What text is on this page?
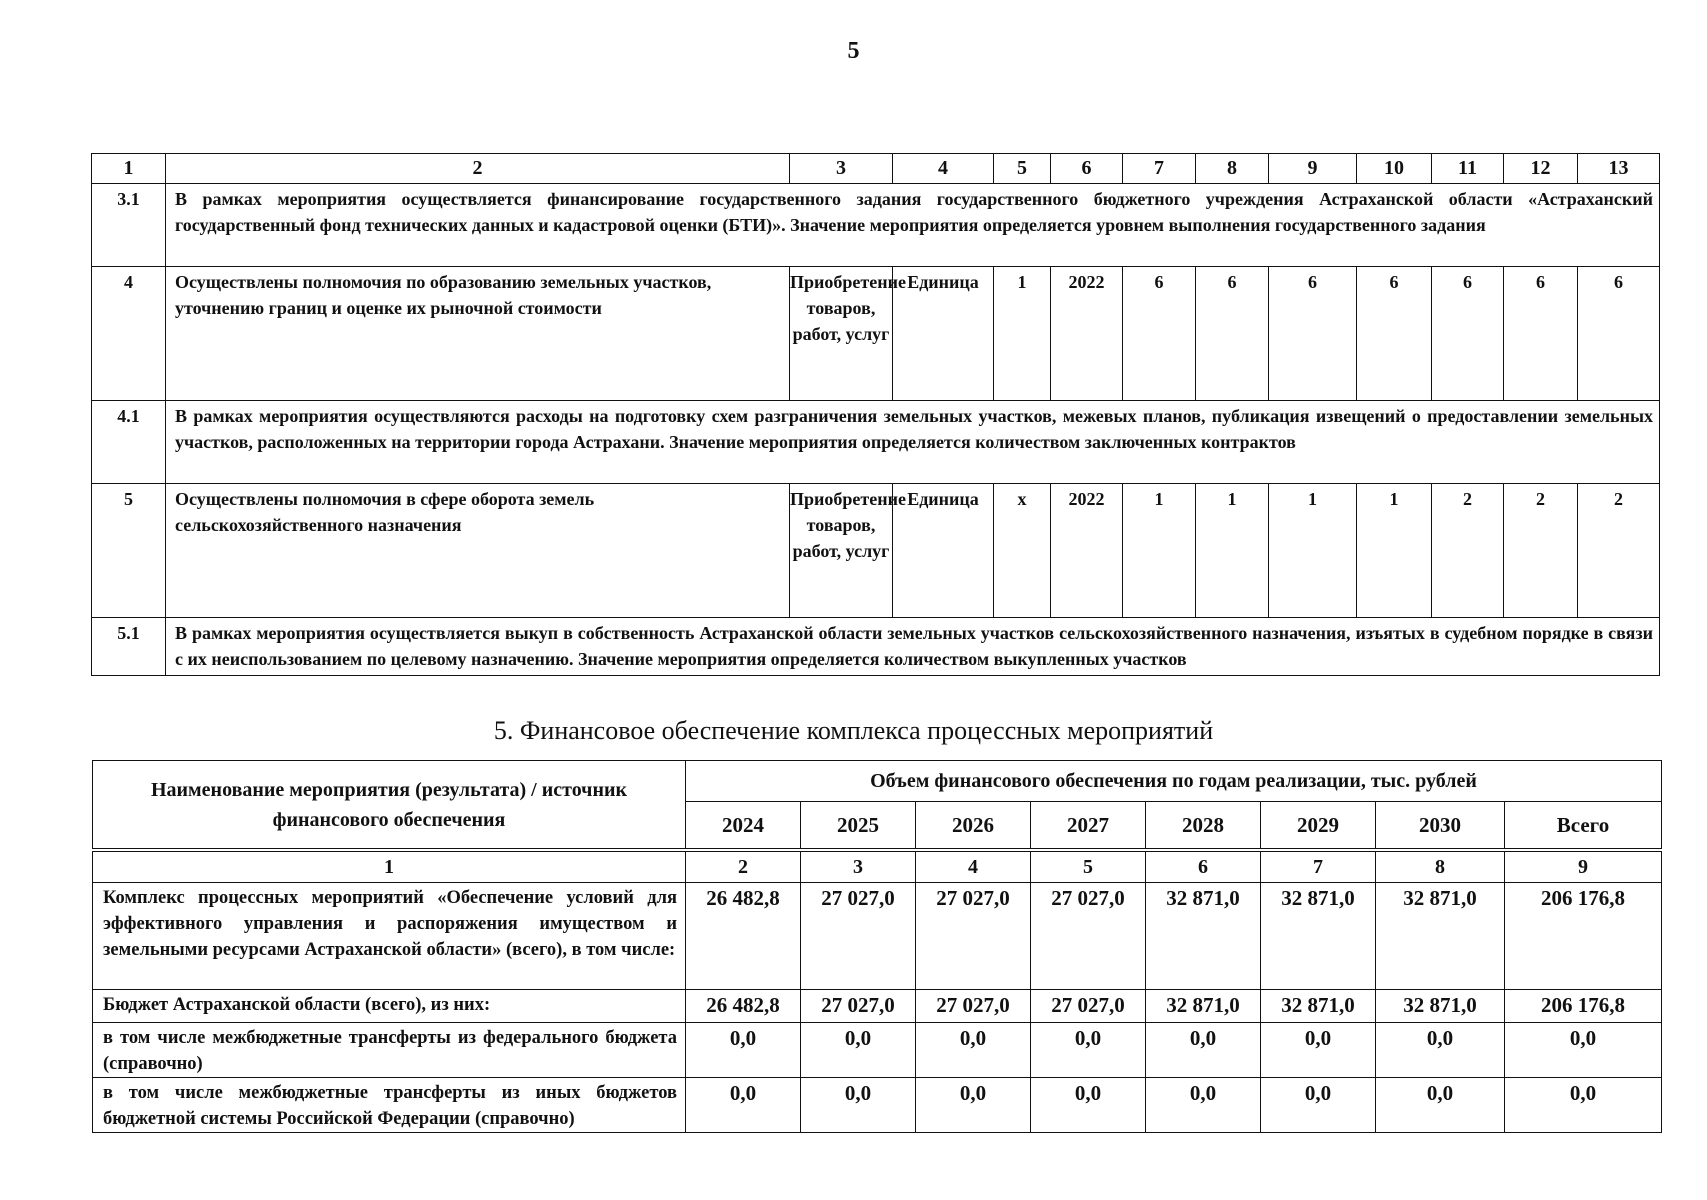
5
1	2	3	4	5	6	7	8	9	10	11	12	13
3.1	В рамках мероприятия осуществляется финансирование государственного задания государственного бюджетного учреждения Астраханской области «Астраханский государственный фонд технических данных и кадастровой оценки (БТИ)». Значение мероприятия определяется уровнем выполнения государственного задания											
4	Осуществлены полномочия по образованию земельных участков, уточнению границ и оценке их рыночной стоимости	Приобретение товаров, работ, услуг	Единица	1	2022	6	6	6	6	6	6	6
4.1	В рамках мероприятия осуществляются расходы на подготовку схем разграничения земельных участков, межевых планов, публикация извещений о предоставлении земельных участков, расположенных на территории города Астрахани. Значение мероприятия определяется количеством заключенных контрактов											
5	Осуществлены полномочия в сфере оборота земель сельскохозяйственного назначения	Приобретение товаров, работ, услуг	Единица	х	2022	1	1	1	1	2	2	2
5.1	В рамках мероприятия осуществляется выкуп в собственность Астраханской области земельных участков сельскохозяйственного назначения, изъятых в судебном порядке в связи с их неиспользованием по целевому назначению. Значение мероприятия определяется количеством выкупленных участков											
5. Финансовое обеспечение комплекса процессных мероприятий
Наименование мероприятия (результата) / источник финансового обеспечения	Объем финансового обеспечения по годам реализации, тыс. рублей							
	2024	2025	2026	2027	2028	2029	2030	Всего

1	2	3	4	5	6	7	8	9
Комплекс процессных мероприятий «Обеспечение условий для эффективного управления и распоряжения имуществом и земельными ресурсами Астраханской области» (всего), в том числе:	26 482,8	27 027,0	27 027,0	27 027,0	32 871,0	32 871,0	32 871,0	206 176,8
Бюджет Астраханской области (всего), из них:	26 482,8	27 027,0	27 027,0	27 027,0	32 871,0	32 871,0	32 871,0	206 176,8
в том числе межбюджетные трансферты из федерального бюджета (справочно)	0,0	0,0	0,0	0,0	0,0	0,0	0,0	0,0
в том числе межбюджетные трансферты из иных бюджетов бюджетной системы Российской Федерации (справочно)	0,0	0,0	0,0	0,0	0,0	0,0	0,0	0,0
